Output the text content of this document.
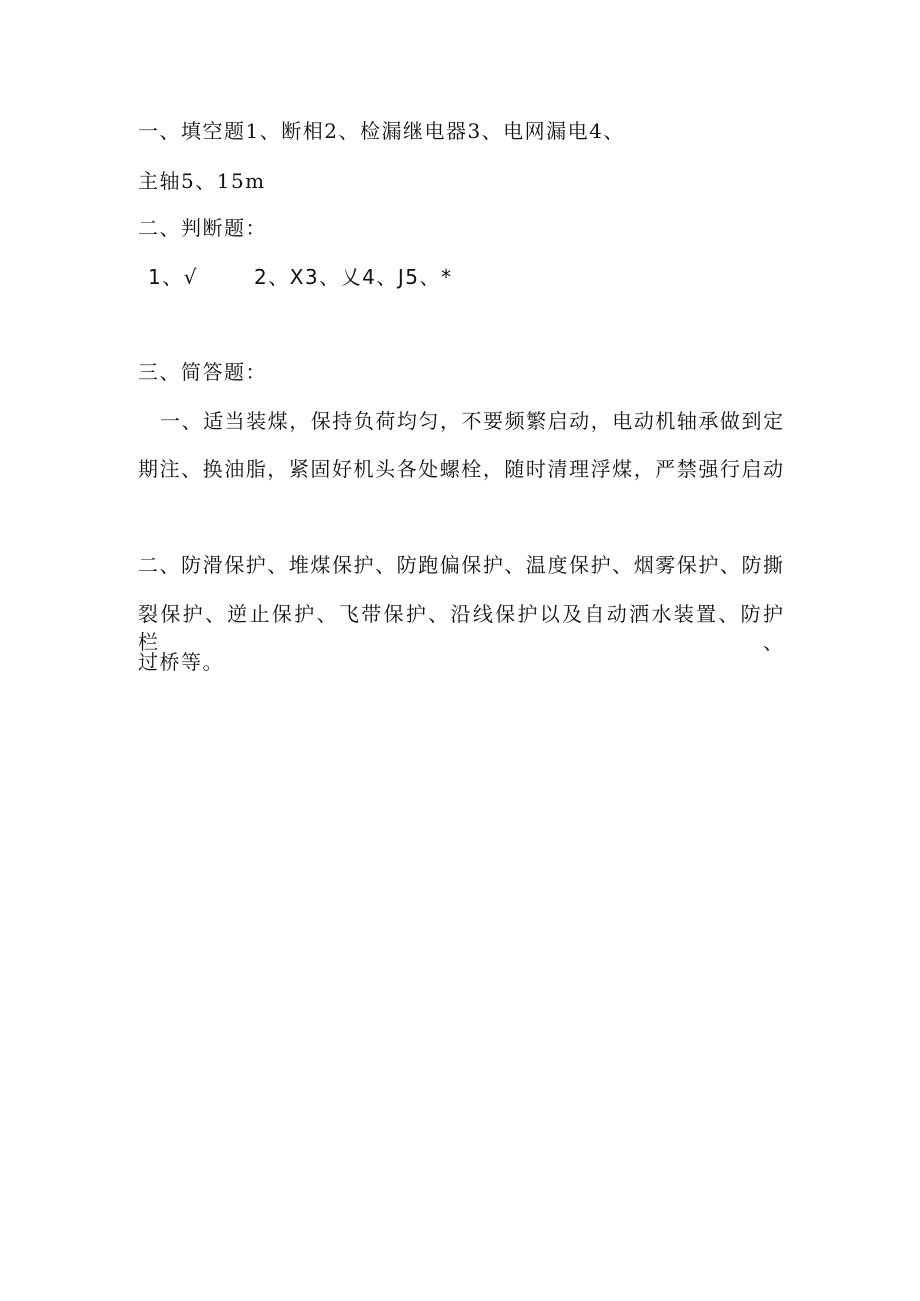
一、填空题1、断相2、检漏继电器3、电网漏电4、
主轴5、15m
二、判断题：
1、√	2、X3、乂4、J5、*
三、简答题：
一、适当装煤，保持负荷均匀，不要频繁启动，电动机轴承做到定
期注、换油脂，紧固好机头各处螺栓，随时清理浮煤，严禁强行启动
二、防滑保护、堆煤保护、防跑偏保护、温度保护、烟雾保护、防撕
裂保护、逆止保护、飞带保护、沿线保护以及自动洒水装置、防护栏、
过桥等。
